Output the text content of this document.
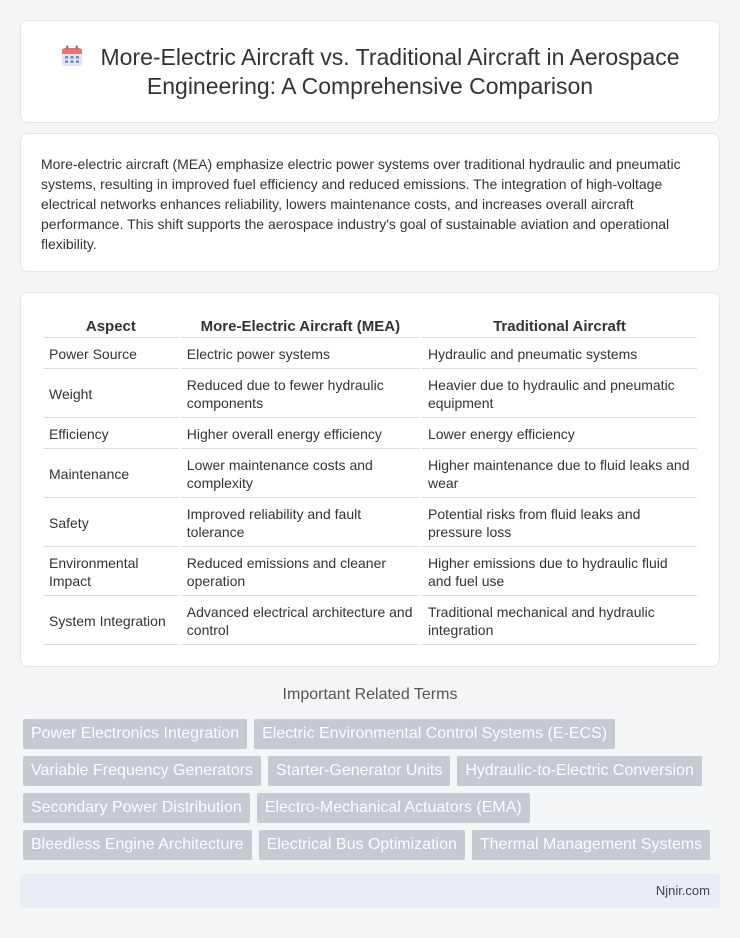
More-Electric Aircraft vs. Traditional Aircraft in Aerospace Engineering: A Comprehensive Comparison

More-electric aircraft (MEA) emphasize electric power systems over traditional hydraulic and pneumatic systems, resulting in improved fuel efficiency and reduced emissions. The integration of high-voltage electrical networks enhances reliability, lowers maintenance costs, and increases overall aircraft performance. This shift supports the aerospace industry's goal of sustainable aviation and operational flexibility.

Aspect	More-Electric Aircraft (MEA)	Traditional Aircraft
Power Source	Electric power systems	Hydraulic and pneumatic systems
Weight	Reduced due to fewer hydraulic components	Heavier due to hydraulic and pneumatic equipment
Efficiency	Higher overall energy efficiency	Lower energy efficiency
Maintenance	Lower maintenance costs and complexity	Higher maintenance due to fluid leaks and wear
Safety	Improved reliability and fault tolerance	Potential risks from fluid leaks and pressure loss
Environmental Impact	Reduced emissions and cleaner operation	Higher emissions due to hydraulic fluid and fuel use
System Integration	Advanced electrical architecture and control	Traditional mechanical and hydraulic integration
Important Related Terms
Power Electronics Integration	Electric Environmental Control Systems (E-ECS)
Variable Frequency Generators	Starter-Generator Units	Hydraulic-to-Electric Conversion
Secondary Power Distribution	Electro-Mechanical Actuators (EMA)
Bleedless Engine Architecture	Electrical Bus Optimization	Thermal Management Systems
Njnir.com
